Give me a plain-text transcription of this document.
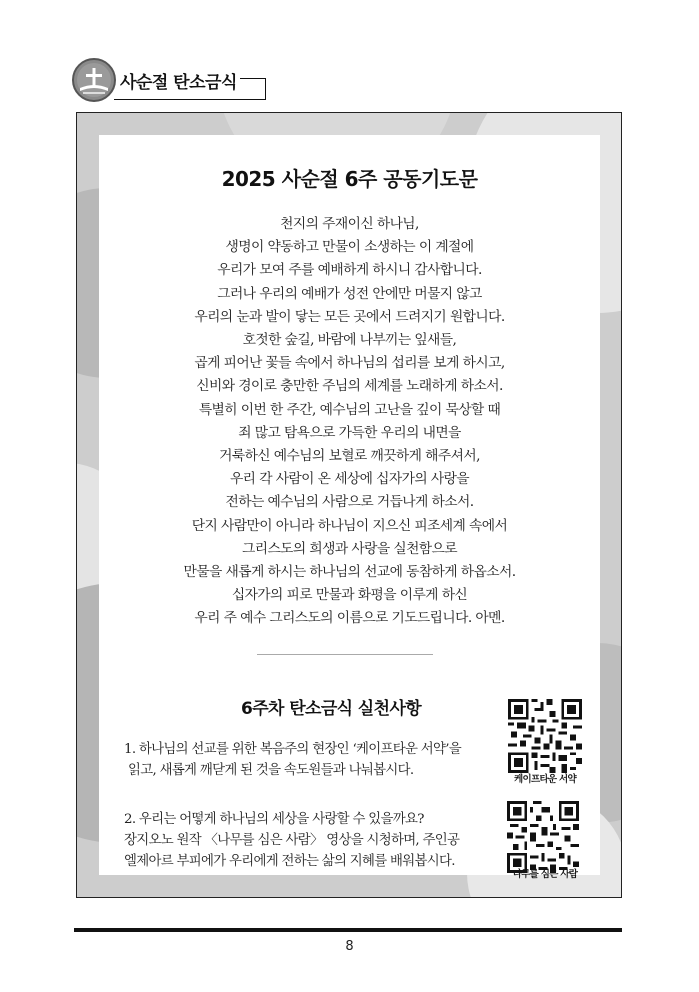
사순절 탄소금식
2025 사순절 6주 공동기도문
천지의 주재이신 하나님,
생명이 약동하고 만물이 소생하는 이 계절에
우리가 모여 주를 예배하게 하시니 감사합니다.
그러나 우리의 예배가 성전 안에만 머물지 않고
우리의 눈과 발이 닿는 모든 곳에서 드려지기 원합니다.
호젓한 숲길, 바람에 나부끼는 잎새들,
곱게 피어난 꽃들 속에서 하나님의 섭리를 보게 하시고,
신비와 경이로 충만한 주님의 세계를 노래하게 하소서.
특별히 이번 한 주간, 예수님의 고난을 깊이 묵상할 때
죄 많고 탐욕으로 가득한 우리의 내면을
거룩하신 예수님의 보혈로 깨끗하게 해주셔서,
우리 각 사람이 온 세상에 십자가의 사랑을
전하는 예수님의 사람으로 거듭나게 하소서.
단지 사람만이 아니라 하나님이 지으신 피조세계 속에서
그리스도의 희생과 사랑을 실천함으로
만물을 새롭게 하시는 하나님의 선교에 동참하게 하옵소서.
십자가의 피로 만물과 화평을 이루게 하신
우리 주 예수 그리스도의 이름으로 기도드립니다. 아멘.
6주차 탄소금식 실천사항
1. 하나님의 선교를 위한 복음주의 현장인 ‘케이프타운 서약’을
읽고, 새롭게 깨닫게 된 것을 속도원들과 나눠봅시다.
2. 우리는 어떻게 하나님의 세상을 사랑할 수 있을까요?
장지오노 원작 〈나무를 심은 사람〉 영상을 시청하며, 주인공
엘제아르 부피에가 우리에게 전하는 삶의 지혜를 배워봅시다.
케이프타운 서약
나무를 심은 사람
8
